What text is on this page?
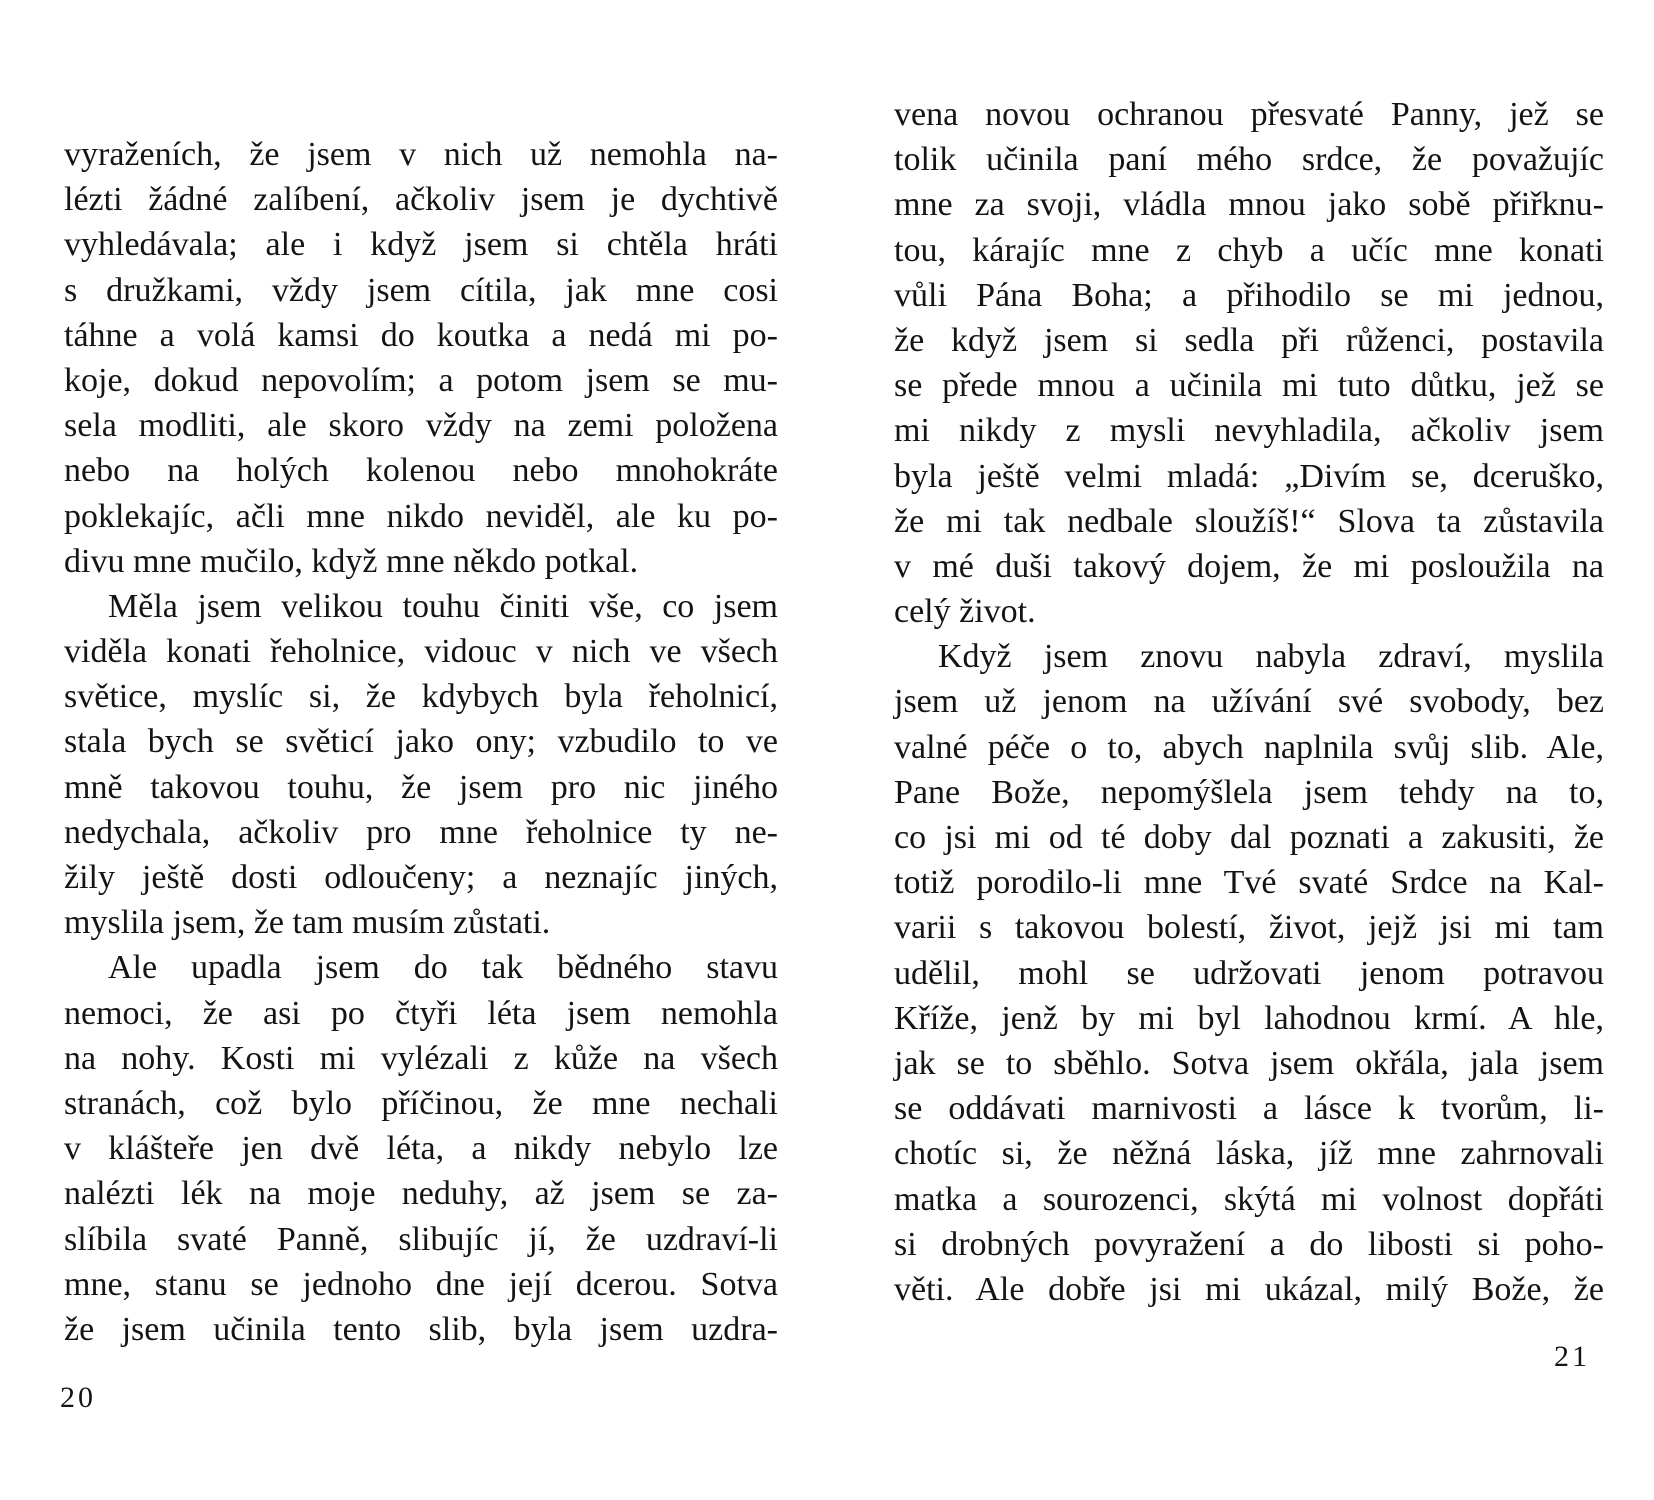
vyraženích, že jsem v nich už nemohla na-
lézti žádné zalíbení, ačkoliv jsem je dychtivě
vyhledávala; ale i když jsem si chtěla hráti
s družkami, vždy jsem cítila, jak mne cosi
táhne a volá kamsi do koutka a nedá mi po-
koje, dokud nepovolím; a potom jsem se mu-
sela modliti, ale skoro vždy na zemi položena
nebo na holých kolenou nebo mnohokráte
poklekajíc, ačli mne nikdo neviděl, ale ku po-
divu mne mučilo, když mne někdo potkal.
Měla jsem velikou touhu činiti vše, co jsem
viděla konati řeholnice, vidouc v nich ve všech
světice, myslíc si, že kdybych byla řeholnicí,
stala bych se světicí jako ony; vzbudilo to ve
mně takovou touhu, že jsem pro nic jiného
nedychala, ačkoliv pro mne řeholnice ty ne-
žily ještě dosti odloučeny; a neznajíc jiných,
myslila jsem, že tam musím zůstati.
Ale upadla jsem do tak bědného stavu
nemoci, že asi po čtyři léta jsem nemohla
na nohy. Kosti mi vylézali z kůže na všech
stranách, což bylo příčinou, že mne nechali
v klášteře jen dvě léta, a nikdy nebylo lze
nalézti lék na moje neduhy, až jsem se za-
slíbila svaté Panně, slibujíc jí, že uzdraví-li
mne, stanu se jednoho dne její dcerou. Sotva
že jsem učinila tento slib, byla jsem uzdra-
20
vena novou ochranou přesvaté Panny, jež se
tolik učinila paní mého srdce, že považujíc
mne za svoji, vládla mnou jako sobě přiřknu-
tou, kárajíc mne z chyb a učíc mne konati
vůli Pána Boha; a přihodilo se mi jednou,
že když jsem si sedla při růženci, postavila
se přede mnou a učinila mi tuto důtku, jež se
mi nikdy z mysli nevyhladila, ačkoliv jsem
byla ještě velmi mladá: „Divím se, dceruško,
že mi tak nedbale sloužíš!“ Slova ta zůstavila
v mé duši takový dojem, že mi posloužila na
celý život.
Když jsem znovu nabyla zdraví, myslila
jsem už jenom na užívání své svobody, bez
valné péče o to, abych naplnila svůj slib. Ale,
Pane Bože, nepomýšlela jsem tehdy na to,
co jsi mi od té doby dal poznati a zakusiti, že
totiž porodilo-li mne Tvé svaté Srdce na Kal-
varii s takovou bolestí, život, jejž jsi mi tam
udělil, mohl se udržovati jenom potravou
Kříže, jenž by mi byl lahodnou krmí. A hle,
jak se to sběhlo. Sotva jsem okřála, jala jsem
se oddávati marnivosti a lásce k tvorům, li-
chotíc si, že něžná láska, jíž mne zahrnovali
matka a sourozenci, skýtá mi volnost dopřáti
si drobných povyražení a do libosti si poho-
věti. Ale dobře jsi mi ukázal, milý Bože, že
21
